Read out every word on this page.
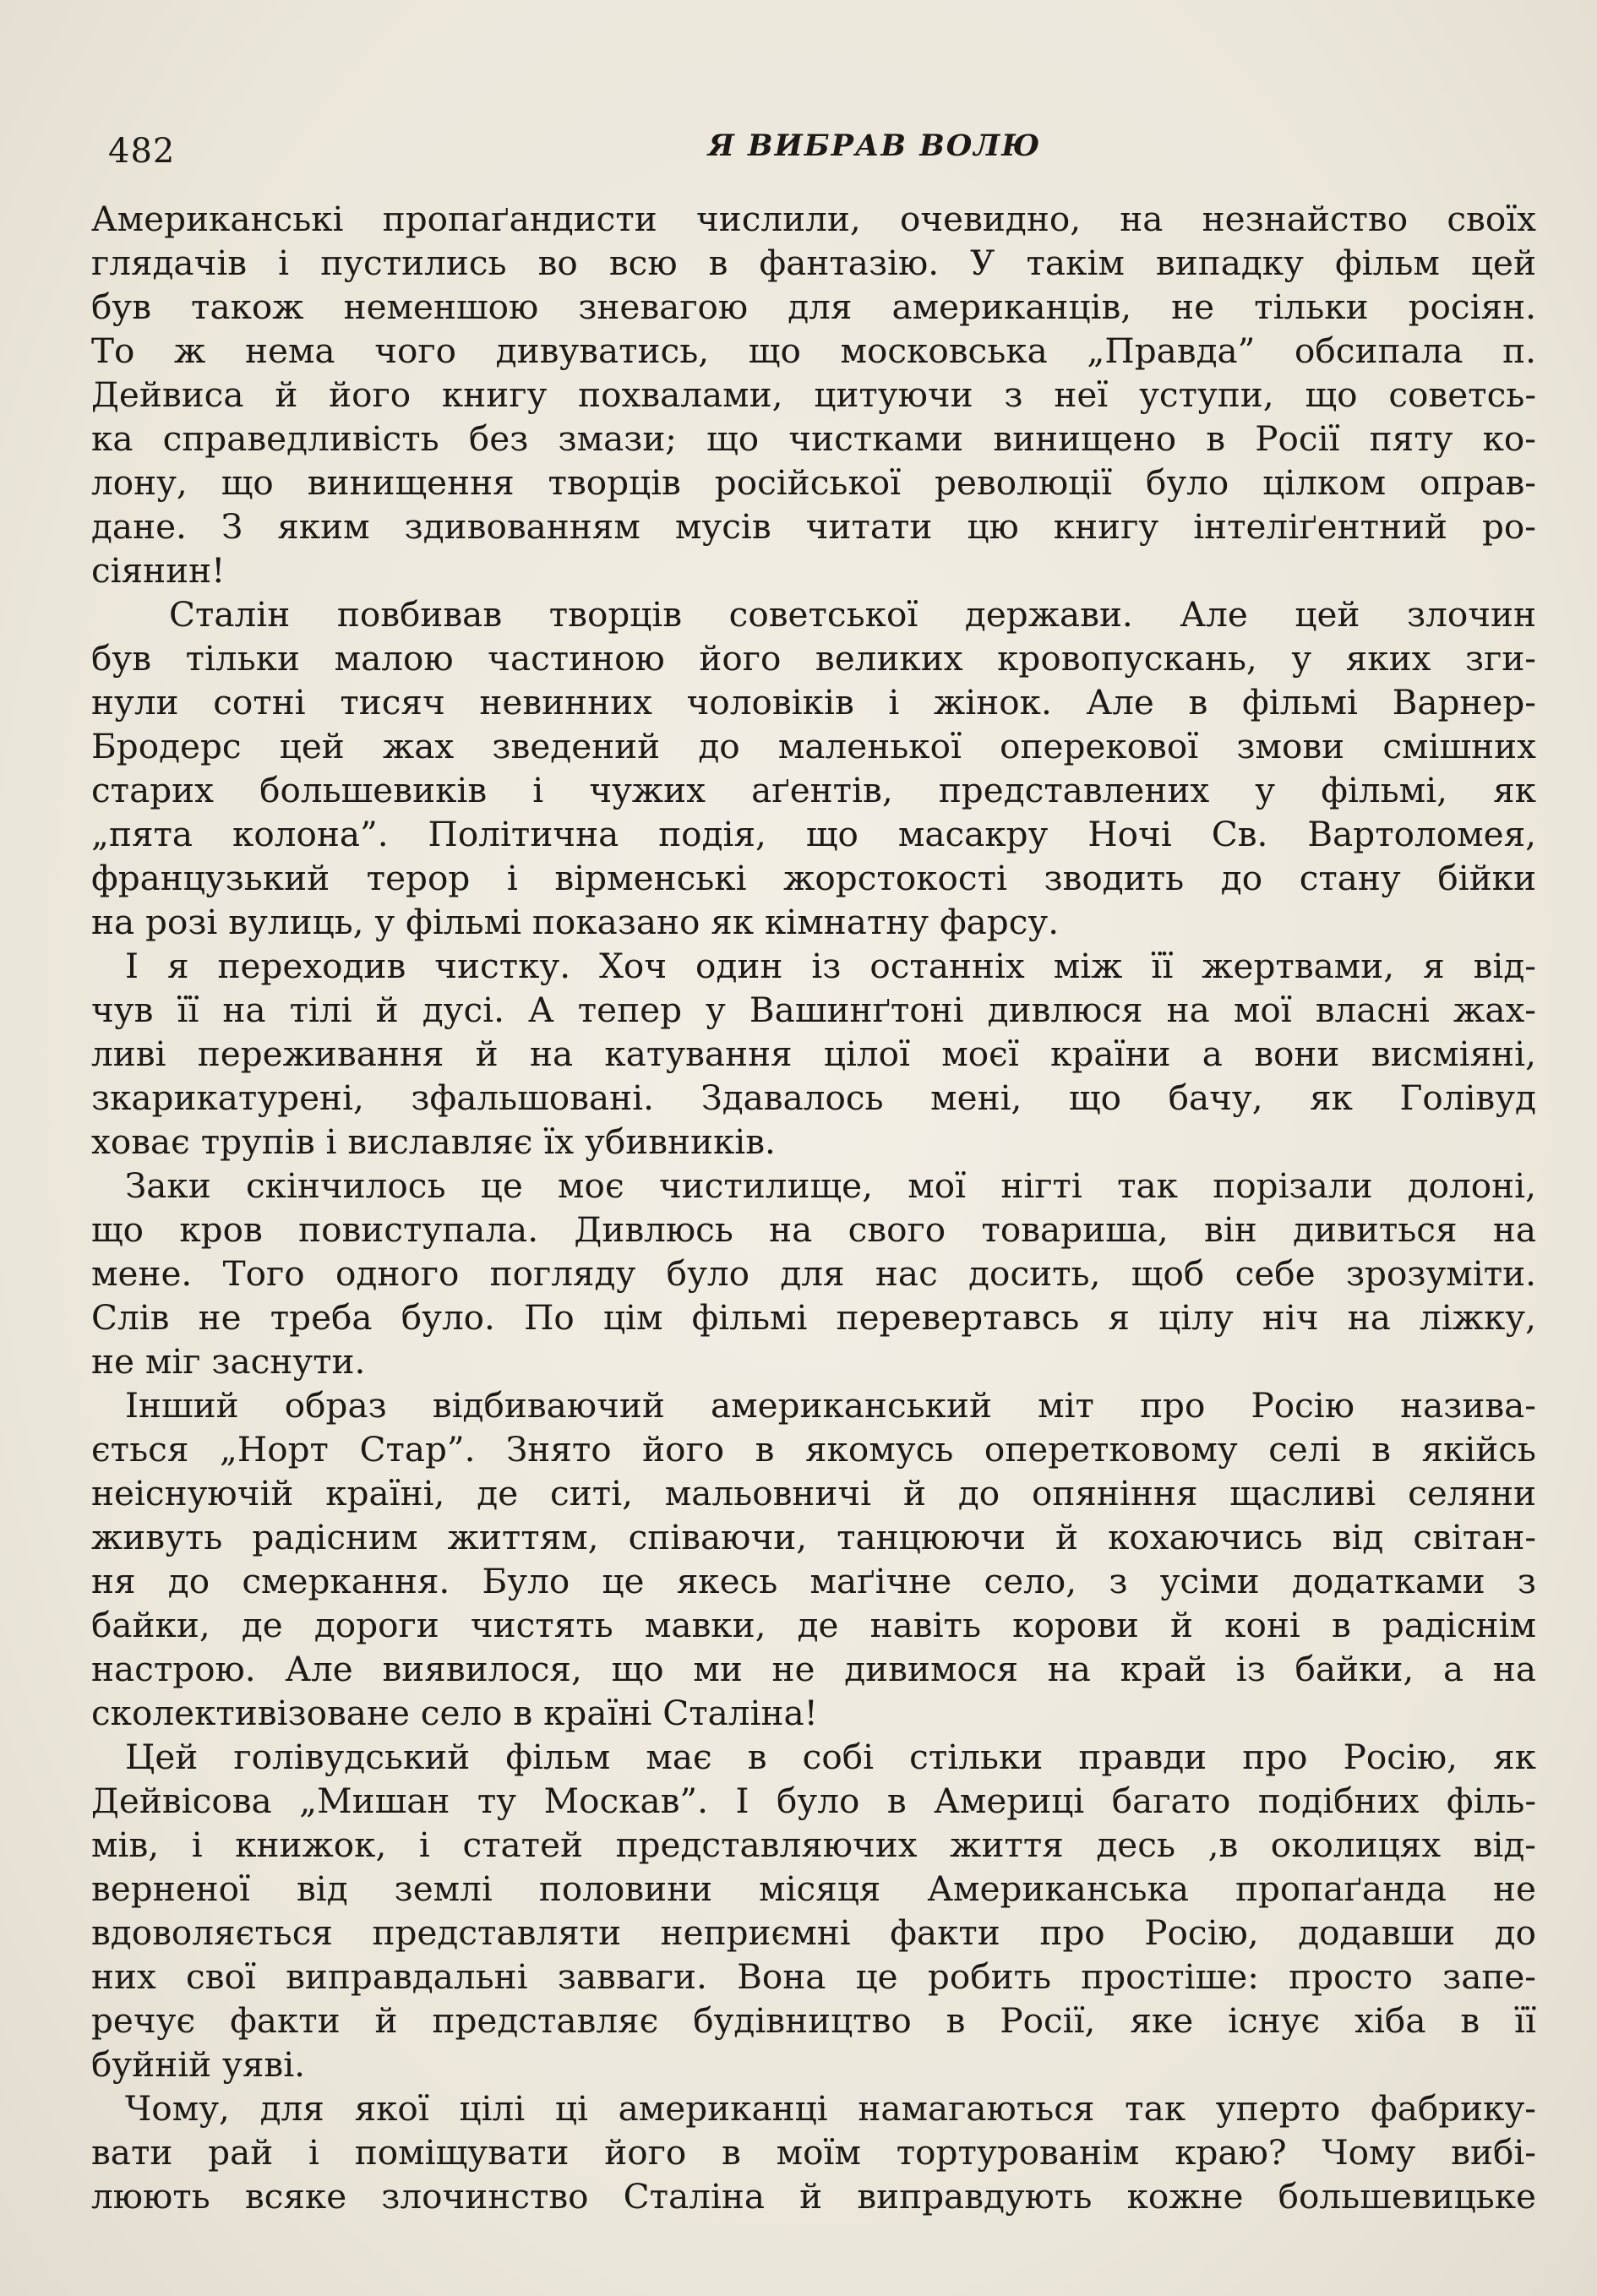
482	Я ВИБРАВ ВОЛЮ
Американські пропаґандисти числили, очевидно, на незнайство своїх
глядачів і пустились во всю в фантазію. У такім випадку фільм цей
був також неменшою зневагою для американців, не тільки росіян.
То ж нема чого дивуватись, що московська „Правда” обсипала п.
Дейвиса й його книгу похвалами, цитуючи з неї уступи, що советсь-
ка справедливість без змази; що чистками винищено в Росії пяту ко-
лону, що винищення творців російської революції було цілком оправ-
дане. З яким здивованням мусів читати цю книгу інтеліґентний ро-
сіянин!
Сталін повбивав творців советської держави. Але цей злочин
був тільки малою частиною його великих кровопускань, у яких зги-
нули сотні тисяч невинних чоловіків і жінок. Але в фільмі Варнер-
Бродерс цей жах зведений до маленької оперекової змови смішних
старих большевиків і чужих аґентів, представлених у фільмі, як
„пята колона”. Політична подія, що масакру Ночі Св. Вартоломея,
французький терор і вірменські жорстокості зводить до стану бійки
на розі вулиць, у фільмі показано як кімнатну фарсу.
І я переходив чистку. Хоч один із останніх між її жертвами, я від-
чув її на тілі й дусі. А тепер у Вашинґтоні дивлюся на мої власні жах-
ливі переживання й на катування цілої моєї країни а вони висміяні,
зкарикатурені, зфальшовані. Здавалось мені, що бачу, як Голівуд
ховає трупів і виславляє їх убивників.
Заки скінчилось це моє чистилище, мої нігті так порізали долоні,
що кров повиступала. Дивлюсь на свого товариша, він дивиться на
мене. Того одного погляду було для нас досить, щоб себе зрозуміти.
Слів не треба було. По цім фільмі перевертавсь я цілу ніч на ліжку,
не міг заснути.
Інший образ відбиваючий американський міт про Росію назива-
ється „Норт Стар”. Знято його в якомусь опереткoвому селі в якійсь
неіснуючій країні, де ситі, мальовничі й до опяніння щасливі селяни
живуть радісним життям, співаючи, танцюючи й кохаючись від світан-
ня до смеркання. Було це якесь маґічне село, з усіми додатками з
байки, де дороги чистять мавки, де навіть корови й коні в радіснім
настрою. Але виявилося, що ми не дивимося на край із байки, а на
сколективізоване село в країні Сталіна!
Цей голівудський фільм має в собі стільки правди про Росію, як
Дейвісова „Мишан ту Москав”. І було в Америці багато подібних філь-
мів, і книжок, і статей представляючих життя десь ,в околицях від-
верненої від землі половини місяця Американська пропаґанда не
вдоволяється представляти неприємні факти про Росію, додавши до
них свої виправдальні завваги. Вона це робить простіше: просто запе-
речує факти й представляє будівництво в Росії, яке існує хіба в її
буйній уяві.
Чому, для якої цілі ці американці намагаються так уперто фабрику-
вати рай і поміщувати його в моїм тортурованім краю? Чому вибі-
люють всяке злочинство Сталіна й виправдують кожне большевицьке
